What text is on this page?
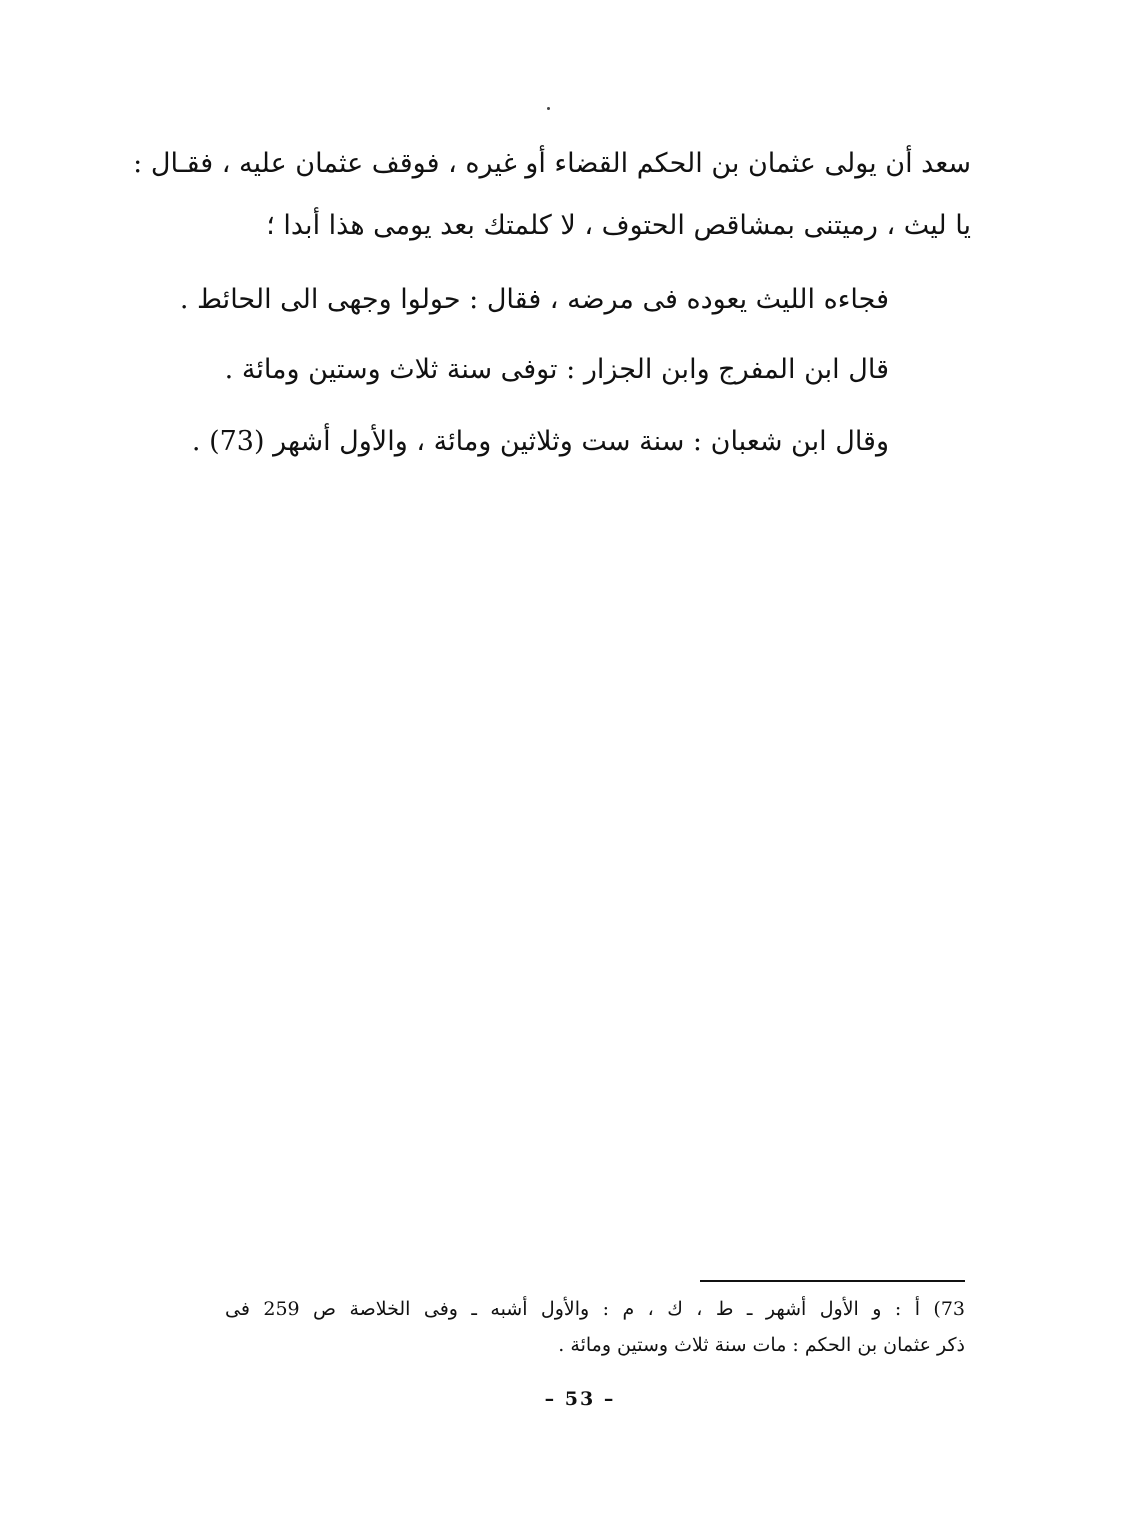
سعد أن يولى عثمان بن الحكم القضاء أو غيره ، فوقف عثمان عليه ، فقـال :
يا ليث ، رميتنى بمشاقص الحتوف ، لا كلمتك بعد يومى هذا أبدا ؛
فجاءه الليث يعوده فى مرضه ، فقال : حولوا وجهى الى الحائط .
قال ابن المفرج وابن الجزار : توفى سنة ثلاث وستين ومائة .
وقال ابن شعبان : سنة ست وثلاثين ومائة ، والأول أشهر (73) .
73) أ : و الأول أشهر ـ ط ، ك ، م : والأول أشبه ـ وفى الخلاصة ص 259 فى
ذكر عثمان بن الحكم : مات سنة ثلاث وستين ومائة .
– 53 –
